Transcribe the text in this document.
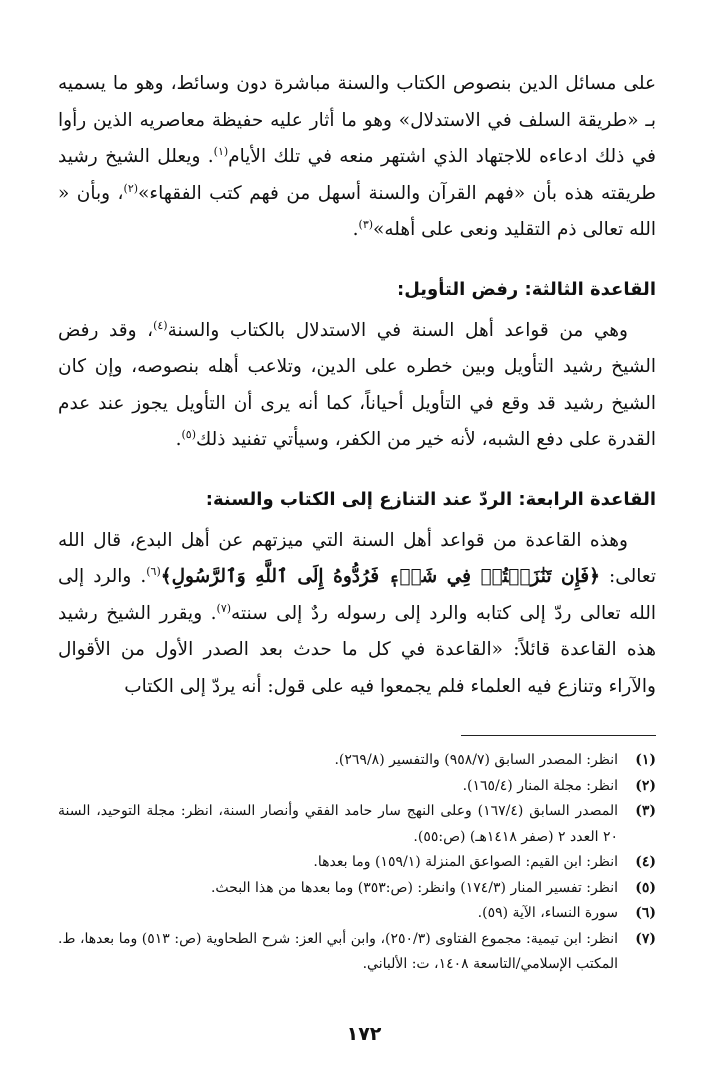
على مسائل الدين بنصوص الكتاب والسنة مباشرة دون وسائط، وهو ما يسميه بـ «طريقة السلف في الاستدلال» وهو ما أثار عليه حفيظة معاصريه الذين رأوا في ذلك ادعاءه للاجتهاد الذي اشتهر منعه في تلك الأيام$^{(١)}$. ويعلل الشيخ رشيد طريقته هذه بأن «فهم القرآن والسنة أسهل من فهم كتب الفقهاء»$^{(٢)}$، وبأن « الله تعالى ذم التقليد ونعى على أهله»$^{(٣)}$.

القاعدة الثالثة: رفض التأويل:

وهي من قواعد أهل السنة في الاستدلال بالكتاب والسنة$^{(٤)}$، وقد رفض الشيخ رشيد التأويل وبين خطره على الدين، وتلاعب أهله بنصوصه، وإن كان الشيخ رشيد قد وقع في التأويل أحياناً، كما أنه يرى أن التأويل يجوز عند عدم القدرة على دفع الشبه، لأنه خير من الكفر، وسيأتي تفنيد ذلك$^{(٥)}$.

القاعدة الرابعة: الردّ عند التنازع إلى الكتاب والسنة:

وهذه القاعدة من قواعد أهل السنة التي ميزتهم عن أهل البدع، قال الله تعالى: ﴿فَإِن تَنَٰزَعۡتُمۡ فِي شَيۡءٖ فَرُدُّوهُ إِلَى ٱللَّهِ وَٱلرَّسُولِ﴾$^{(٦)}$. والرد إلى الله تعالى ردّ إلى كتابه والرد إلى رسوله ردٌ إلى سنته$^{(٧)}$. ويقرر الشيخ رشيد هذه القاعدة قائلاً: «القاعدة في كل ما حدث بعد الصدر الأول من الأقوال والآراء وتنازع فيه العلماء فلم يجمعوا فيه على قول: أنه يردّ إلى الكتاب

(١)
انظر: المصدر السابق (٩٥٨/٧) والتفسير (٢٦٩/٨).
(٢)
انظر: مجلة المنار (١٦٥/٤).
(٣)
المصدر السابق (١٦٧/٤) وعلى النهج سار حامد الفقي وأنصار السنة، انظر: مجلة التوحيد، السنة ٢٠ العدد ٢ (صفر ١٤١٨هـ) (ص:٥٥).
(٤)
انظر: ابن القيم: الصواعق المنزلة (١٥٩/١) وما بعدها.
(٥)
انظر: تفسير المنار (١٧٤/٣) وانظر: (ص:٣٥٣) وما بعدها من هذا البحث.
(٦)
سورة النساء، الآية (٥٩).
(٧)
انظر: ابن تيمية: مجموع الفتاوى (٢٥٠/٣)، وابن أبي العز: شرح الطحاوية (ص: ٥١٣) وما بعدها، ط. المكتب الإسلامي/التاسعة ١٤٠٨، ت: الألباني.
١٧٢
